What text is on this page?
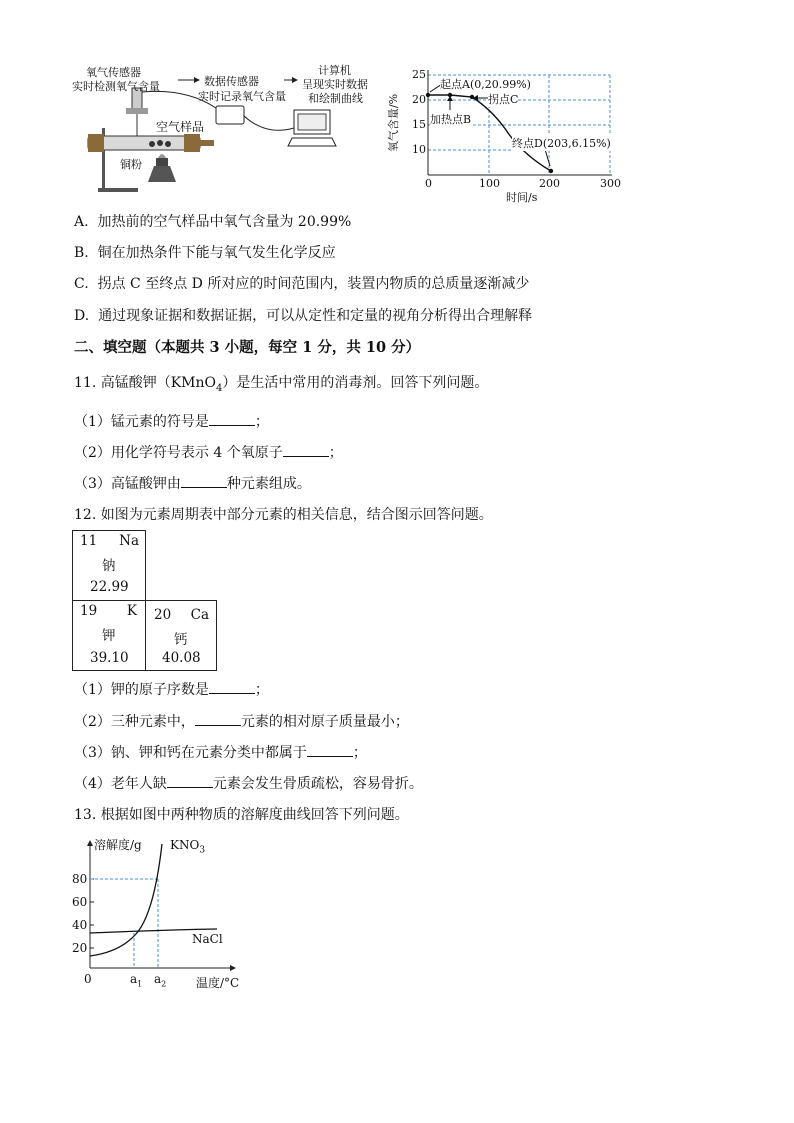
氧气传感器
实时检测氧气含量	数据传感器
实时记录氧气含量
计算机
呈现实时数据
和绘制曲线
空气样品
铜粉
氧气含量/%
25
20
15
10
0	100	200	300
时间/s
起点A(0,20.99%)
加热点B
拐点C
终点D(203,6.15%)
A. 加热前的空气样品中氧气含量为 20.99%
B. 铜在加热条件下能与氧气发生化学反应
C. 拐点 C 至终点 D 所对应的时间范围内，装置内物质的总质量逐渐减少
D. 通过现象证据和数据证据，可以从定性和定量的视角分析得出合理解释
二、填空题（本题共 3 小题，每空 1 分，共 10 分）
11. 高锰酸钾（KMnO$_4$）是生活中常用的消毒剂。回答下列问题。
（1）锰元素的符号是	；
（2）用化学符号表示 4 个氧原子	；
（3）高锰酸钾由	种元素组成。
12. 如图为元素周期表中部分元素的相关信息，结合图示回答问题。
11 Na
钠
22.99
19 K
钾
39.10
20 Ca
钙
40.08
（1）钾的原子序数是	；
（2）三种元素中，	元素的相对原子质量最小；
（3）钠、钾和钙在元素分类中都属于	；
（4）老年人缺	元素会发生骨质疏松，容易骨折。
13. 根据如图中两种物质的溶解度曲线回答下列问题。
溶解度/g $KNO_3$
NaCl
80
60
40
20
0	$a_1$ $a_2$ 温度/°C
